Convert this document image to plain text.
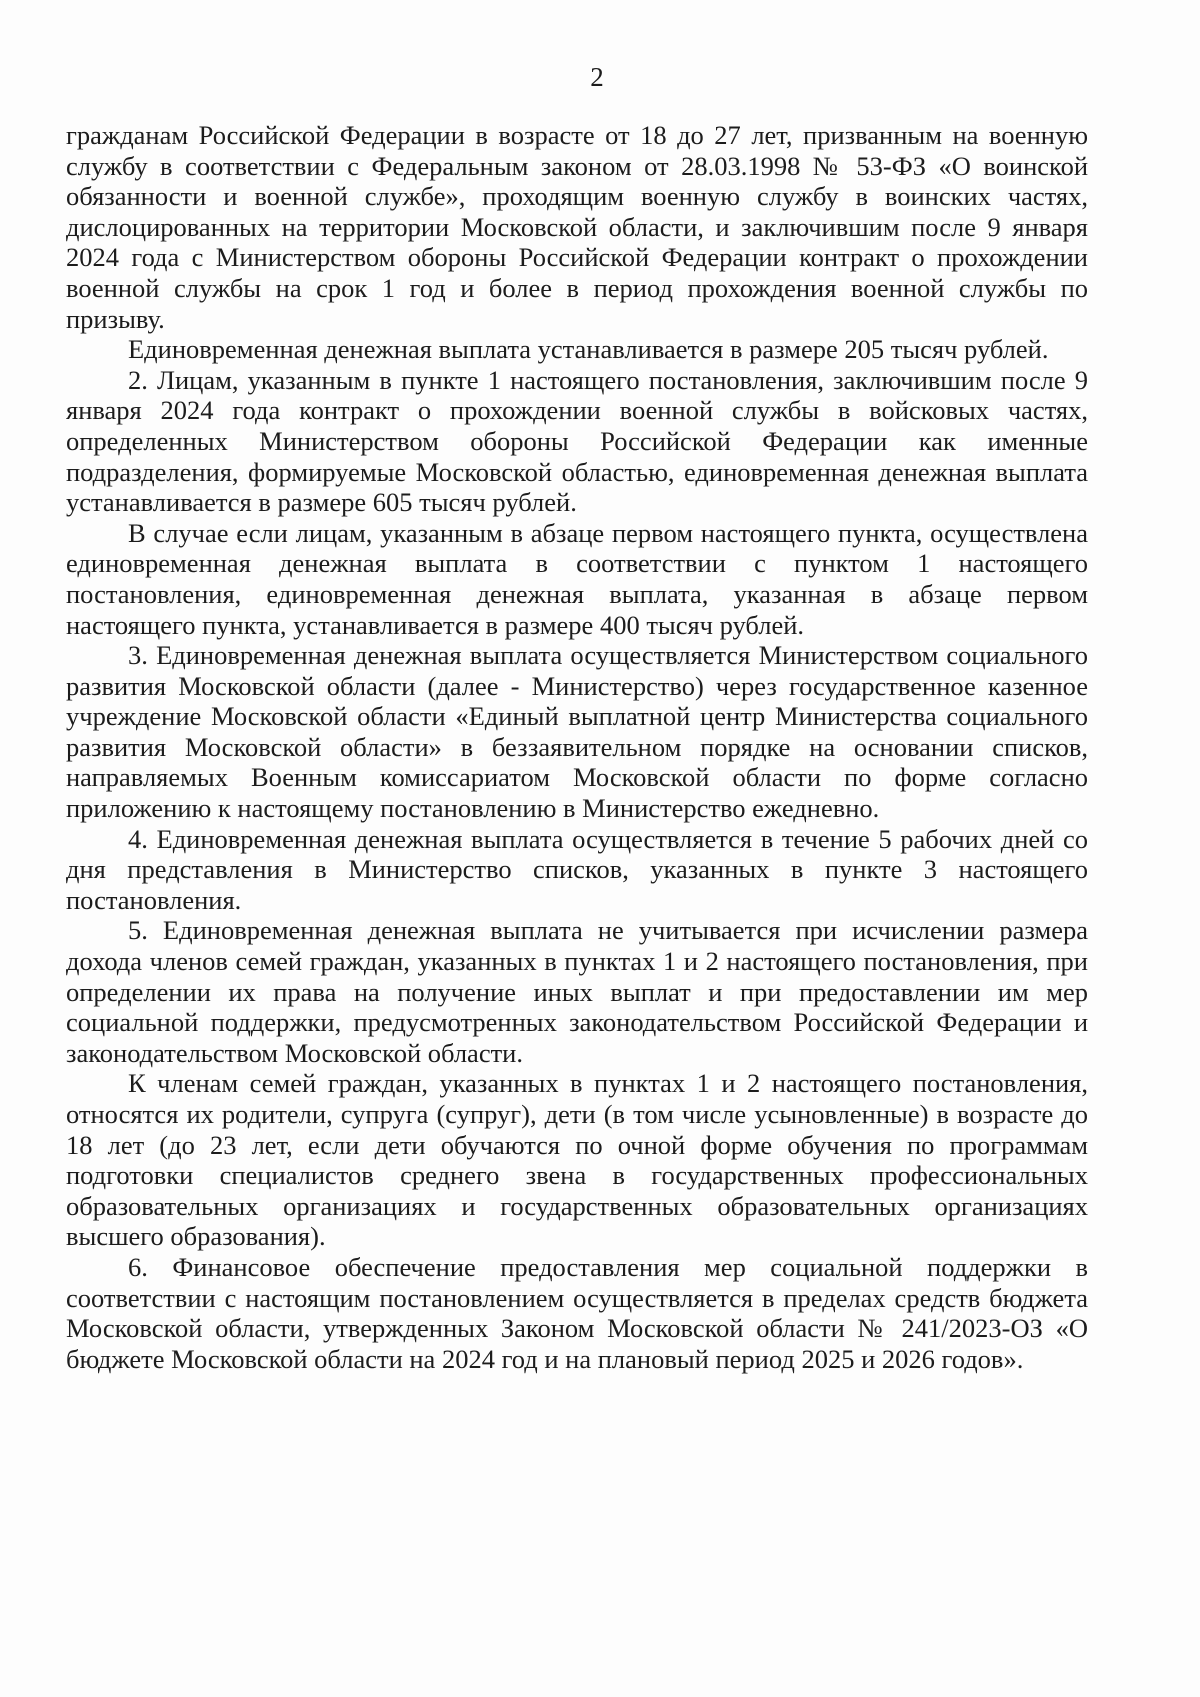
2

гражданам Российской Федерации в возрасте от 18 до 27 лет, призванным на военную службу в соответствии с Федеральным законом от 28.03.1998 № 53-ФЗ «О воинской обязанности и военной службе», проходящим военную службу в воинских частях, дислоцированных на территории Московской области, и заключившим после 9 января 2024 года с Министерством обороны Российской Федерации контракт о прохождении военной службы на срок 1 год и более в период прохождения военной службы по призыву.

Единовременная денежная выплата устанавливается в размере 205 тысяч рублей.

2. Лицам, указанным в пункте 1 настоящего постановления, заключившим после 9 января 2024 года контракт о прохождении военной службы в войсковых частях, определенных Министерством обороны Российской Федерации как именные подразделения, формируемые Московской областью, единовременная денежная выплата устанавливается в размере 605 тысяч рублей.

В случае если лицам, указанным в абзаце первом настоящего пункта, осуществлена единовременная денежная выплата в соответствии с пунктом 1 настоящего постановления, единовременная денежная выплата, указанная в абзаце первом настоящего пункта, устанавливается в размере 400 тысяч рублей.

3. Единовременная денежная выплата осуществляется Министерством социального развития Московской области (далее - Министерство) через государственное казенное учреждение Московской области «Единый выплатной центр Министерства социального развития Московской области» в беззаявительном порядке на основании списков, направляемых Военным комиссариатом Московской области по форме согласно приложению к настоящему постановлению в Министерство ежедневно.

4. Единовременная денежная выплата осуществляется в течение 5 рабочих дней со дня представления в Министерство списков, указанных в пункте 3 настоящего постановления.

5. Единовременная денежная выплата не учитывается при исчислении размера дохода членов семей граждан, указанных в пунктах 1 и 2 настоящего постановления, при определении их права на получение иных выплат и при предоставлении им мер социальной поддержки, предусмотренных законодательством Российской Федерации и законодательством Московской области.

К членам семей граждан, указанных в пунктах 1 и 2 настоящего постановления, относятся их родители, супруга (супруг), дети (в том числе усыновленные) в возрасте до 18 лет (до 23 лет, если дети обучаются по очной форме обучения по программам подготовки специалистов среднего звена в государственных профессиональных образовательных организациях и государственных образовательных организациях высшего образования).

6. Финансовое обеспечение предоставления мер социальной поддержки в соответствии с настоящим постановлением осуществляется в пределах средств бюджета Московской области, утвержденных Законом Московской области № 241/2023-ОЗ «О бюджете Московской области на 2024 год и на плановый период 2025 и 2026 годов».
